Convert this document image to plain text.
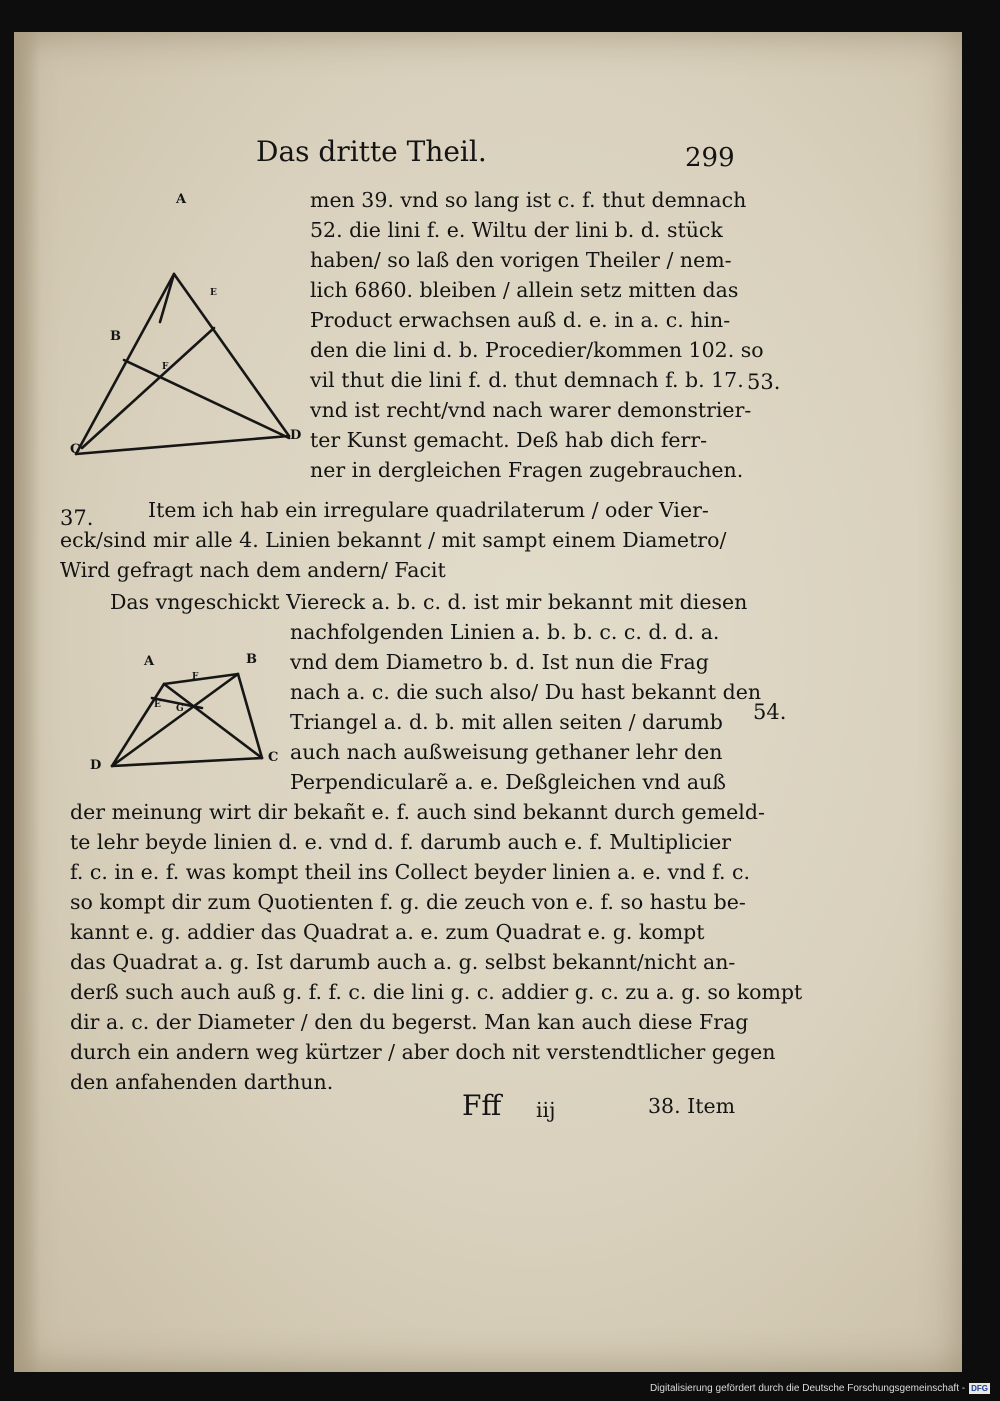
Das dritte Theil.	299

A

E

B

F

C

D

A	B

F

E G

C

D

53.

37.

54.

men 39. vnd so lang ist c. f. thut demnach

52. die lini f. e. Wiltu der lini b. d. stück

haben/ so laß den vorigen Theiler / nem-

lich 6860. bleiben / allein setz mitten das

Product erwachsen auß d. e. in a. c. hin-

den die lini d. b. Procedier/kommen 102. so

vil thut die lini f. d. thut demnach f. b. 17.

vnd ist recht/vnd nach warer demonstrier-

ter Kunst gemacht. Deß hab dich ferr-

ner in dergleichen Fragen zugebrauchen.

Item ich hab ein irregulare quadrilaterum / oder Vier-

eck/sind mir alle 4. Linien bekannt / mit sampt einem Diametro/

Wird gefragt nach dem andern/ Facit

Das vngeschickt Viereck a. b. c. d. ist mir bekannt mit diesen

nachfolgenden Linien a. b. b. c. c. d. d. a.

vnd dem Diametro b. d. Ist nun die Frag

nach a. c. die such also/ Du hast bekannt den

Triangel a. d. b. mit allen seiten / darumb

auch nach außweisung gethaner lehr den

Perpendicularẽ a. e. Deßgleichen vnd auß

der meinung wirt dir bekañt e. f. auch sind bekannt durch gemeld-

te lehr beyde linien d. e. vnd d. f. darumb auch e. f. Multiplicier

f. c. in e. f. was kompt theil ins Collect beyder linien a. e. vnd f. c.

so kompt dir zum Quotienten f. g. die zeuch von e. f. so hastu be-

kannt e. g. addier das Quadrat a. e. zum Quadrat e. g. kompt

das Quadrat a. g. Ist darumb auch a. g. selbst bekannt/nicht an-

derß such auch auß g. f. f. c. die lini g. c. addier g. c. zu a. g. so kompt

dir a. c. der Diameter / den du begerst. Man kan auch diese Frag

durch ein andern weg kürtzer / aber doch nit verstendtlicher gegen

den anfahenden darthun.

Fff iij	38. Item

Digitalisierung gefördert durch die Deutsche Forschungsgemeinschaft - DFG
